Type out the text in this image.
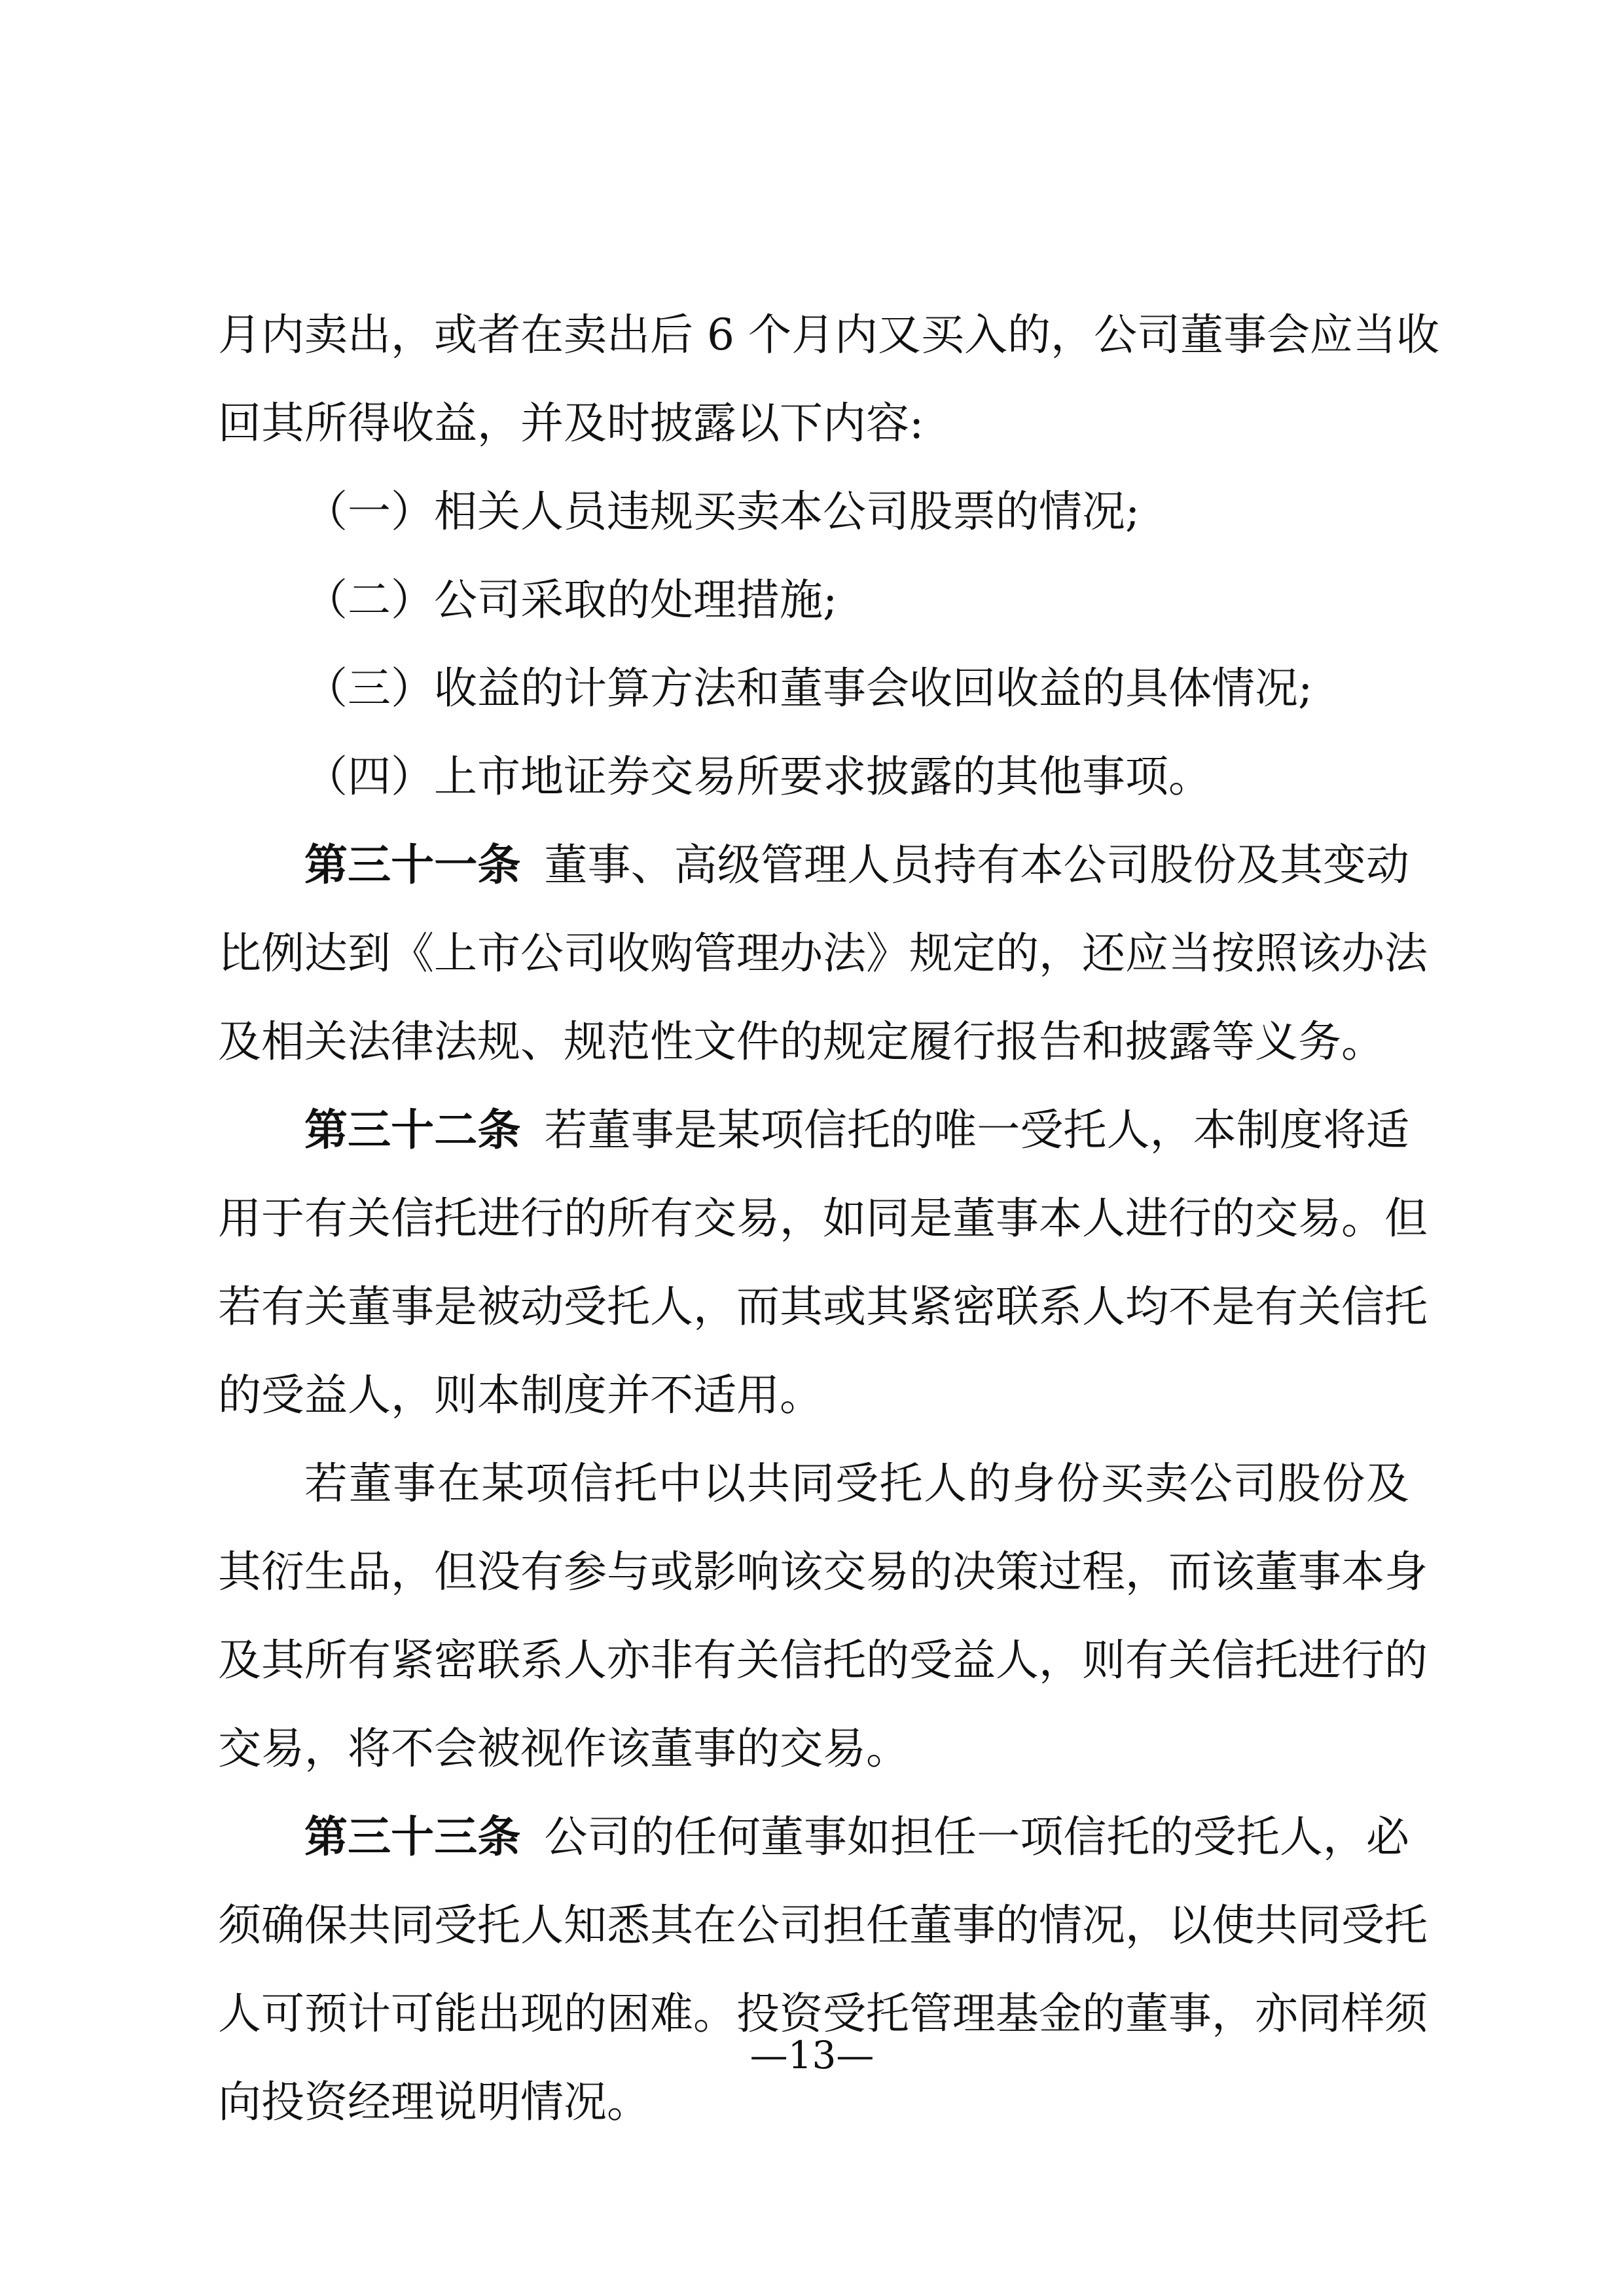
月内卖出，或者在卖出后 6 个月内又买入的，公司董事会应当收
回其所得收益，并及时披露以下内容:
（一）相关人员违规买卖本公司股票的情况;
（二）公司采取的处理措施;
（三）收益的计算方法和董事会收回收益的具体情况;
（四）上市地证券交易所要求披露的其他事项。
第三十一条 董事、高级管理人员持有本公司股份及其变动
比例达到《上市公司收购管理办法》规定的，还应当按照该办法
及相关法律法规、规范性文件的规定履行报告和披露等义务。
第三十二条 若董事是某项信托的唯一受托人，本制度将适
用于有关信托进行的所有交易，如同是董事本人进行的交易。但
若有关董事是被动受托人，而其或其紧密联系人均不是有关信托
的受益人，则本制度并不适用。
若董事在某项信托中以共同受托人的身份买卖公司股份及
其衍生品，但没有参与或影响该交易的决策过程，而该董事本身
及其所有紧密联系人亦非有关信托的受益人，则有关信托进行的
交易，将不会被视作该董事的交易。
第三十三条 公司的任何董事如担任一项信托的受托人，必
须确保共同受托人知悉其在公司担任董事的情况，以使共同受托
人可预计可能出现的困难。投资受托管理基金的董事，亦同样须
向投资经理说明情况。
—13—
